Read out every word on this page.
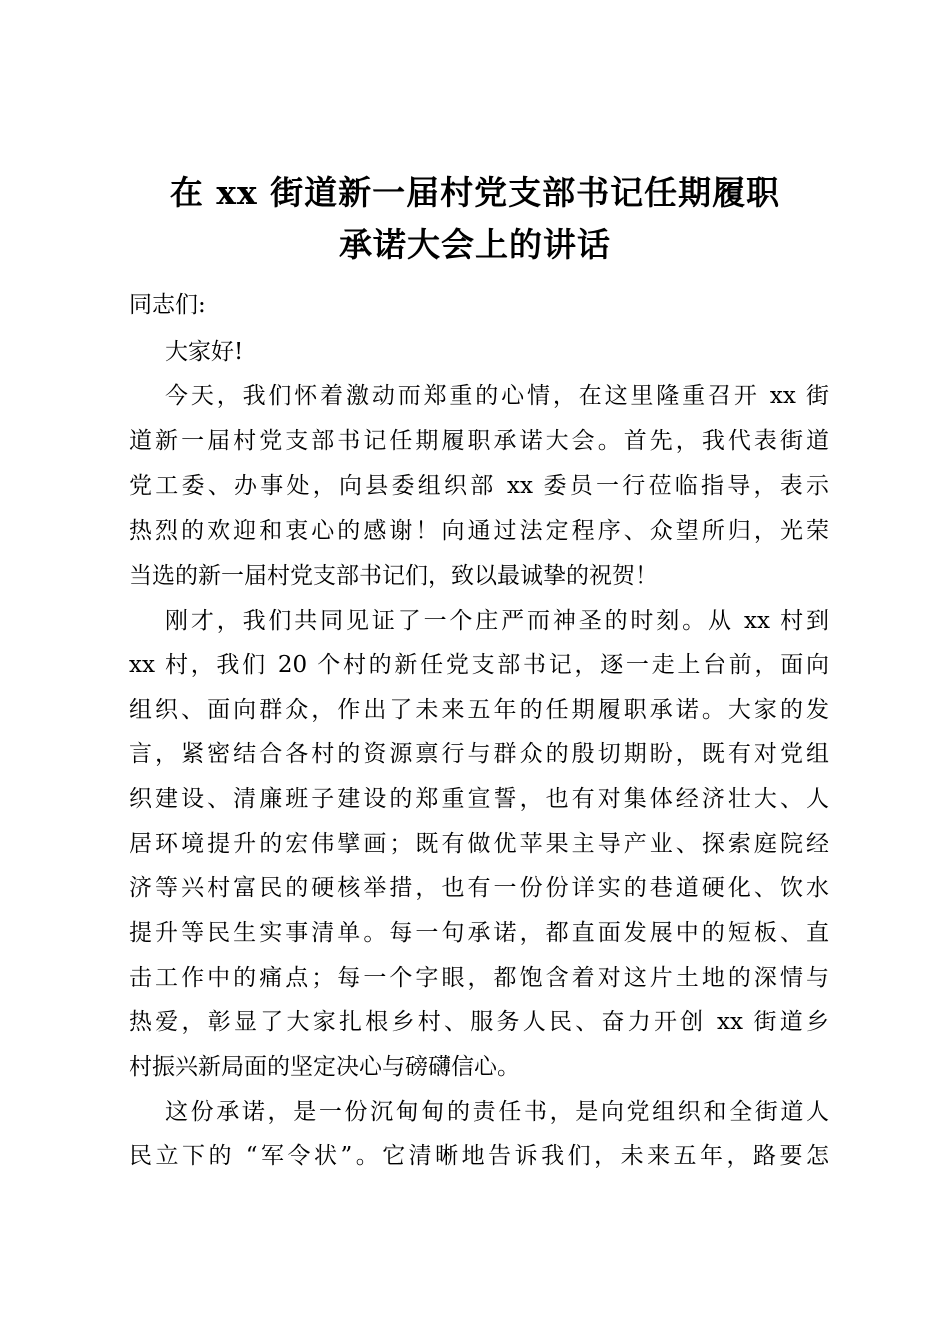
在 xx 街道新一届村党支部书记任期履职
承诺大会上的讲话
同志们:
大家好!
今天，我们怀着激动而郑重的心情，在这里隆重召开 xx 街
道新一届村党支部书记任期履职承诺大会。首先，我代表街道
党工委、办事处，向县委组织部 xx 委员一行莅临指导，表示
热烈的欢迎和衷心的感谢！向通过法定程序、众望所归，光荣
当选的新一届村党支部书记们，致以最诚挚的祝贺！
刚才，我们共同见证了一个庄严而神圣的时刻。从 xx 村到
xx 村，我们 20 个村的新任党支部书记，逐一走上台前，面向
组织、面向群众，作出了未来五年的任期履职承诺。大家的发
言，紧密结合各村的资源禀行与群众的殷切期盼，既有对党组
织建设、清廉班子建设的郑重宣誓，也有对集体经济壮大、人
居环境提升的宏伟擘画；既有做优苹果主导产业、探索庭院经
济等兴村富民的硬核举措，也有一份份详实的巷道硬化、饮水
提升等民生实事清单。每一句承诺，都直面发展中的短板、直
击工作中的痛点；每一个字眼，都饱含着对这片土地的深情与
热爱，彰显了大家扎根乡村、服务人民、奋力开创 xx 街道乡
村振兴新局面的坚定决心与磅礴信心。
这份承诺，是一份沉甸甸的责任书，是向党组织和全街道人
民立下的 “军令状”。它清晰地告诉我们，未来五年，路要怎
